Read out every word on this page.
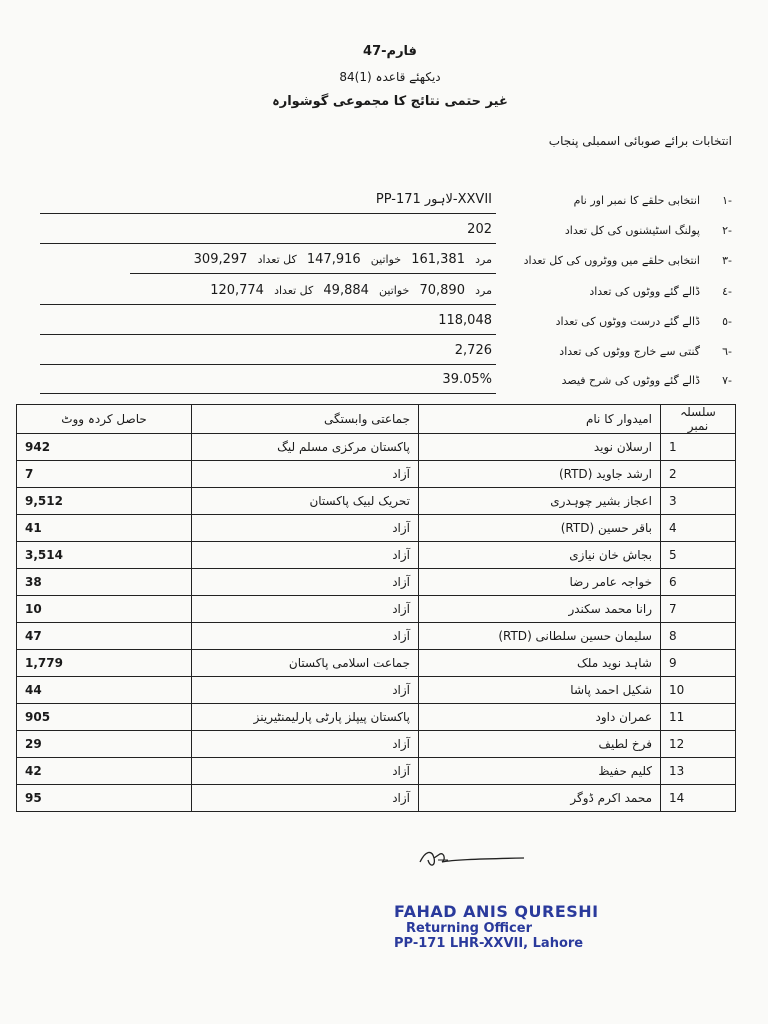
فارم-47
دیکھئے قاعدہ (1)84
غیر حتمی نتائج کا مجموعی گوشوارہ
انتخابات برائے صوبائی اسمبلی پنجاب
-١
انتخابی حلقے کا نمبر اور نام
PP-171 لاہور-XXVII
-٢
پولنگ اسٹیشنوں کی کل تعداد
202
-٣
انتخابی حلقے میں ووٹروں کی کل تعداد
مرد 161,381 خواتین 147,916 کل تعداد 309,297
-٤
ڈالے گئے ووٹوں کی تعداد
مرد 70,890 خواتین 49,884 کل تعداد 120,774
-٥
ڈالے گئے درست ووٹوں کی تعداد
118,048
-٦
گنتی سے خارج ووٹوں کی تعداد
2,726
-٧
ڈالے گئے ووٹوں کی شرح فیصد
39.05%
سلسلہ نمبر	امیدوار کا نام	جماعتی وابستگی	حاصل کردہ ووٹ
1	ارسلان نوید	پاکستان مرکزی مسلم لیگ	942
2	ارشد جاوید (RTD)	آزاد	7
3	اعجاز بشیر چوہدری	تحریک لبیک پاکستان	9,512
4	باقر حسین (RTD)	آزاد	41
5	بجاش خان نیازی	آزاد	3,514
6	خواجہ عامر رضا	آزاد	38
7	رانا محمد سکندر	آزاد	10
8	سلیمان حسین سلطانی (RTD)	آزاد	47
9	شاہد نوید ملک	جماعت اسلامی پاکستان	1,779
10	شکیل احمد پاشا	آزاد	44
11	عمران داود	پاکستان پیپلز پارٹی پارلیمنٹیرینز	905
12	فرخ لطیف	آزاد	29
13	کلیم حفیظ	آزاد	42
14	محمد اکرم ڈوگر	آزاد	95
FAHAD ANIS QURESHI
Returning Officer
PP-171 LHR-XXVII, Lahore
